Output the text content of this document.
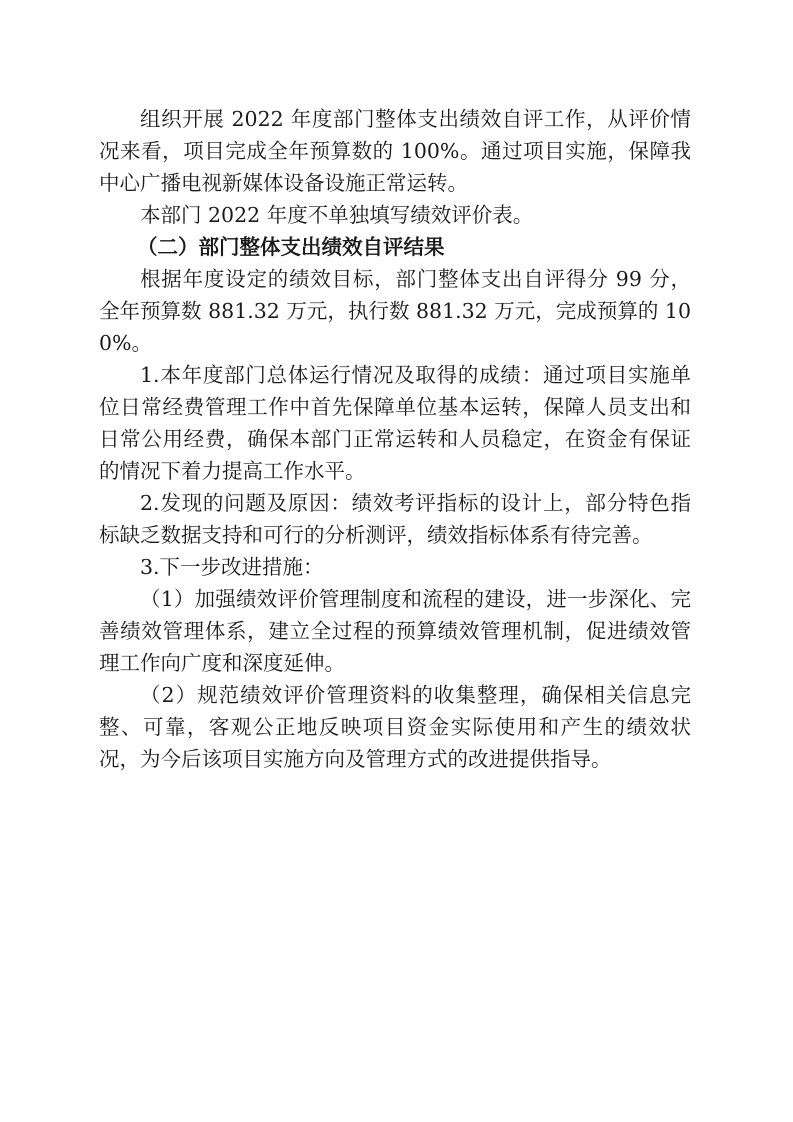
组织开展 2022 年度部门整体支出绩效自评工作，从评价情况来看，项目完成全年预算数的 100%。通过项目实施，保障我中心广播电视新媒体设备设施正常运转。

本部门 2022 年度不单独填写绩效评价表。

（二）部门整体支出绩效自评结果

根据年度设定的绩效目标，部门整体支出自评得分 99 分，全年预算数 881.32 万元，执行数 881.32 万元，完成预算的 100%。

1.本年度部门总体运行情况及取得的成绩：通过项目实施单位日常经费管理工作中首先保障单位基本运转，保障人员支出和日常公用经费，确保本部门正常运转和人员稳定，在资金有保证的情况下着力提高工作水平。

2.发现的问题及原因：绩效考评指标的设计上，部分特色指标缺乏数据支持和可行的分析测评，绩效指标体系有待完善。

3.下一步改进措施：

（1）加强绩效评价管理制度和流程的建设，进一步深化、完善绩效管理体系，建立全过程的预算绩效管理机制，促进绩效管理工作向广度和深度延伸。

（2）规范绩效评价管理资料的收集整理，确保相关信息完整、可靠，客观公正地反映项目资金实际使用和产生的绩效状况，为今后该项目实施方向及管理方式的改进提供指导。
